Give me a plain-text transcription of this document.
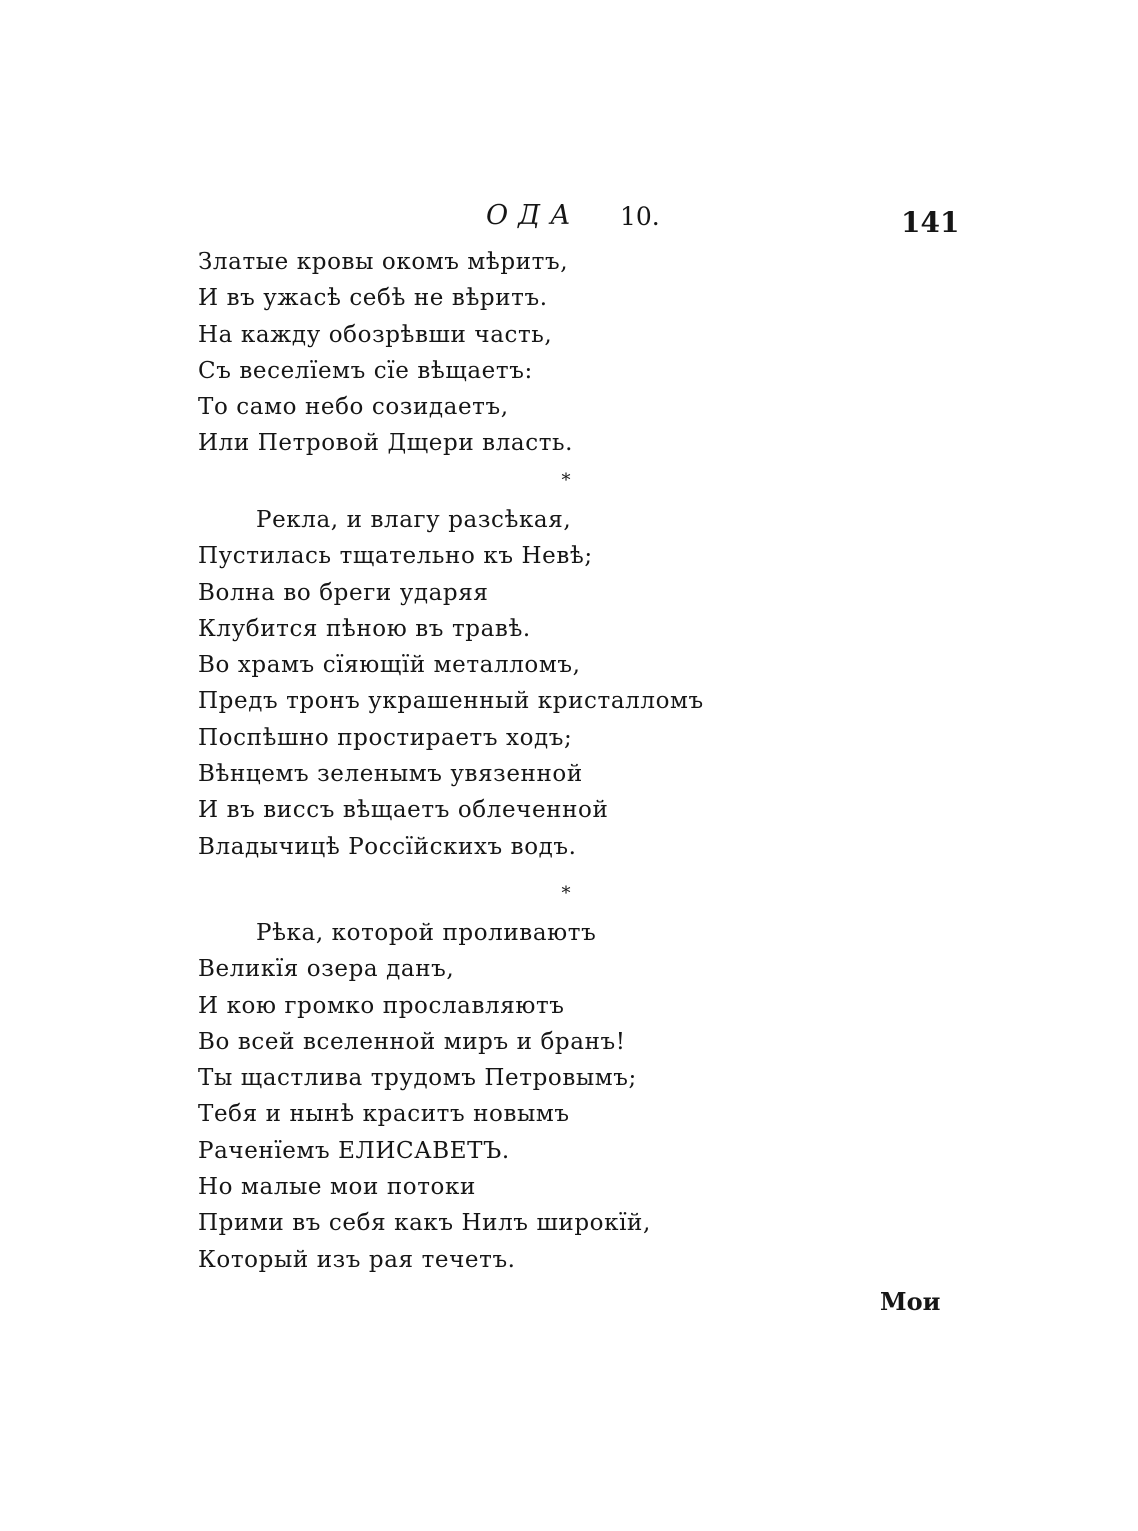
ОДА 10.	141
Златые кровы окомъ мѣритъ,
И въ ужасѣ себѣ не вѣритъ.
На кажду обозрѣвши часть,
Съ веселїемъ сїе вѣщаетъ:
То само небо созидаетъ,
Или Петровой Дщери власть.
*
Рекла, и влагу разсѣкая,
Пустилась тщательно къ Невѣ;
Волна во бреги ударяя
Клубится пѣною въ травѣ.
Во храмъ сїяющїй металломъ,
Предъ тронъ украшенный кристалломъ
Поспѣшно простираетъ ходъ;
Вѣнцемъ зеленымъ увязенной
И въ виссъ вѣщаетъ облеченной
Владычицѣ Россїйскихъ водъ.
*
Рѣка, которой проливаютъ
Великїя озера данъ,
И кою громко прославляютъ
Во всей вселенной миръ и бранъ!
Ты щастлива трудомъ Петровымъ;
Тебя и нынѣ краситъ новымъ
Раченїемъ ЕЛИСАВЕТЪ.
Но малые мои потоки
Прими въ себя какъ Нилъ широкїй,
Который изъ рая течетъ.
Мои
